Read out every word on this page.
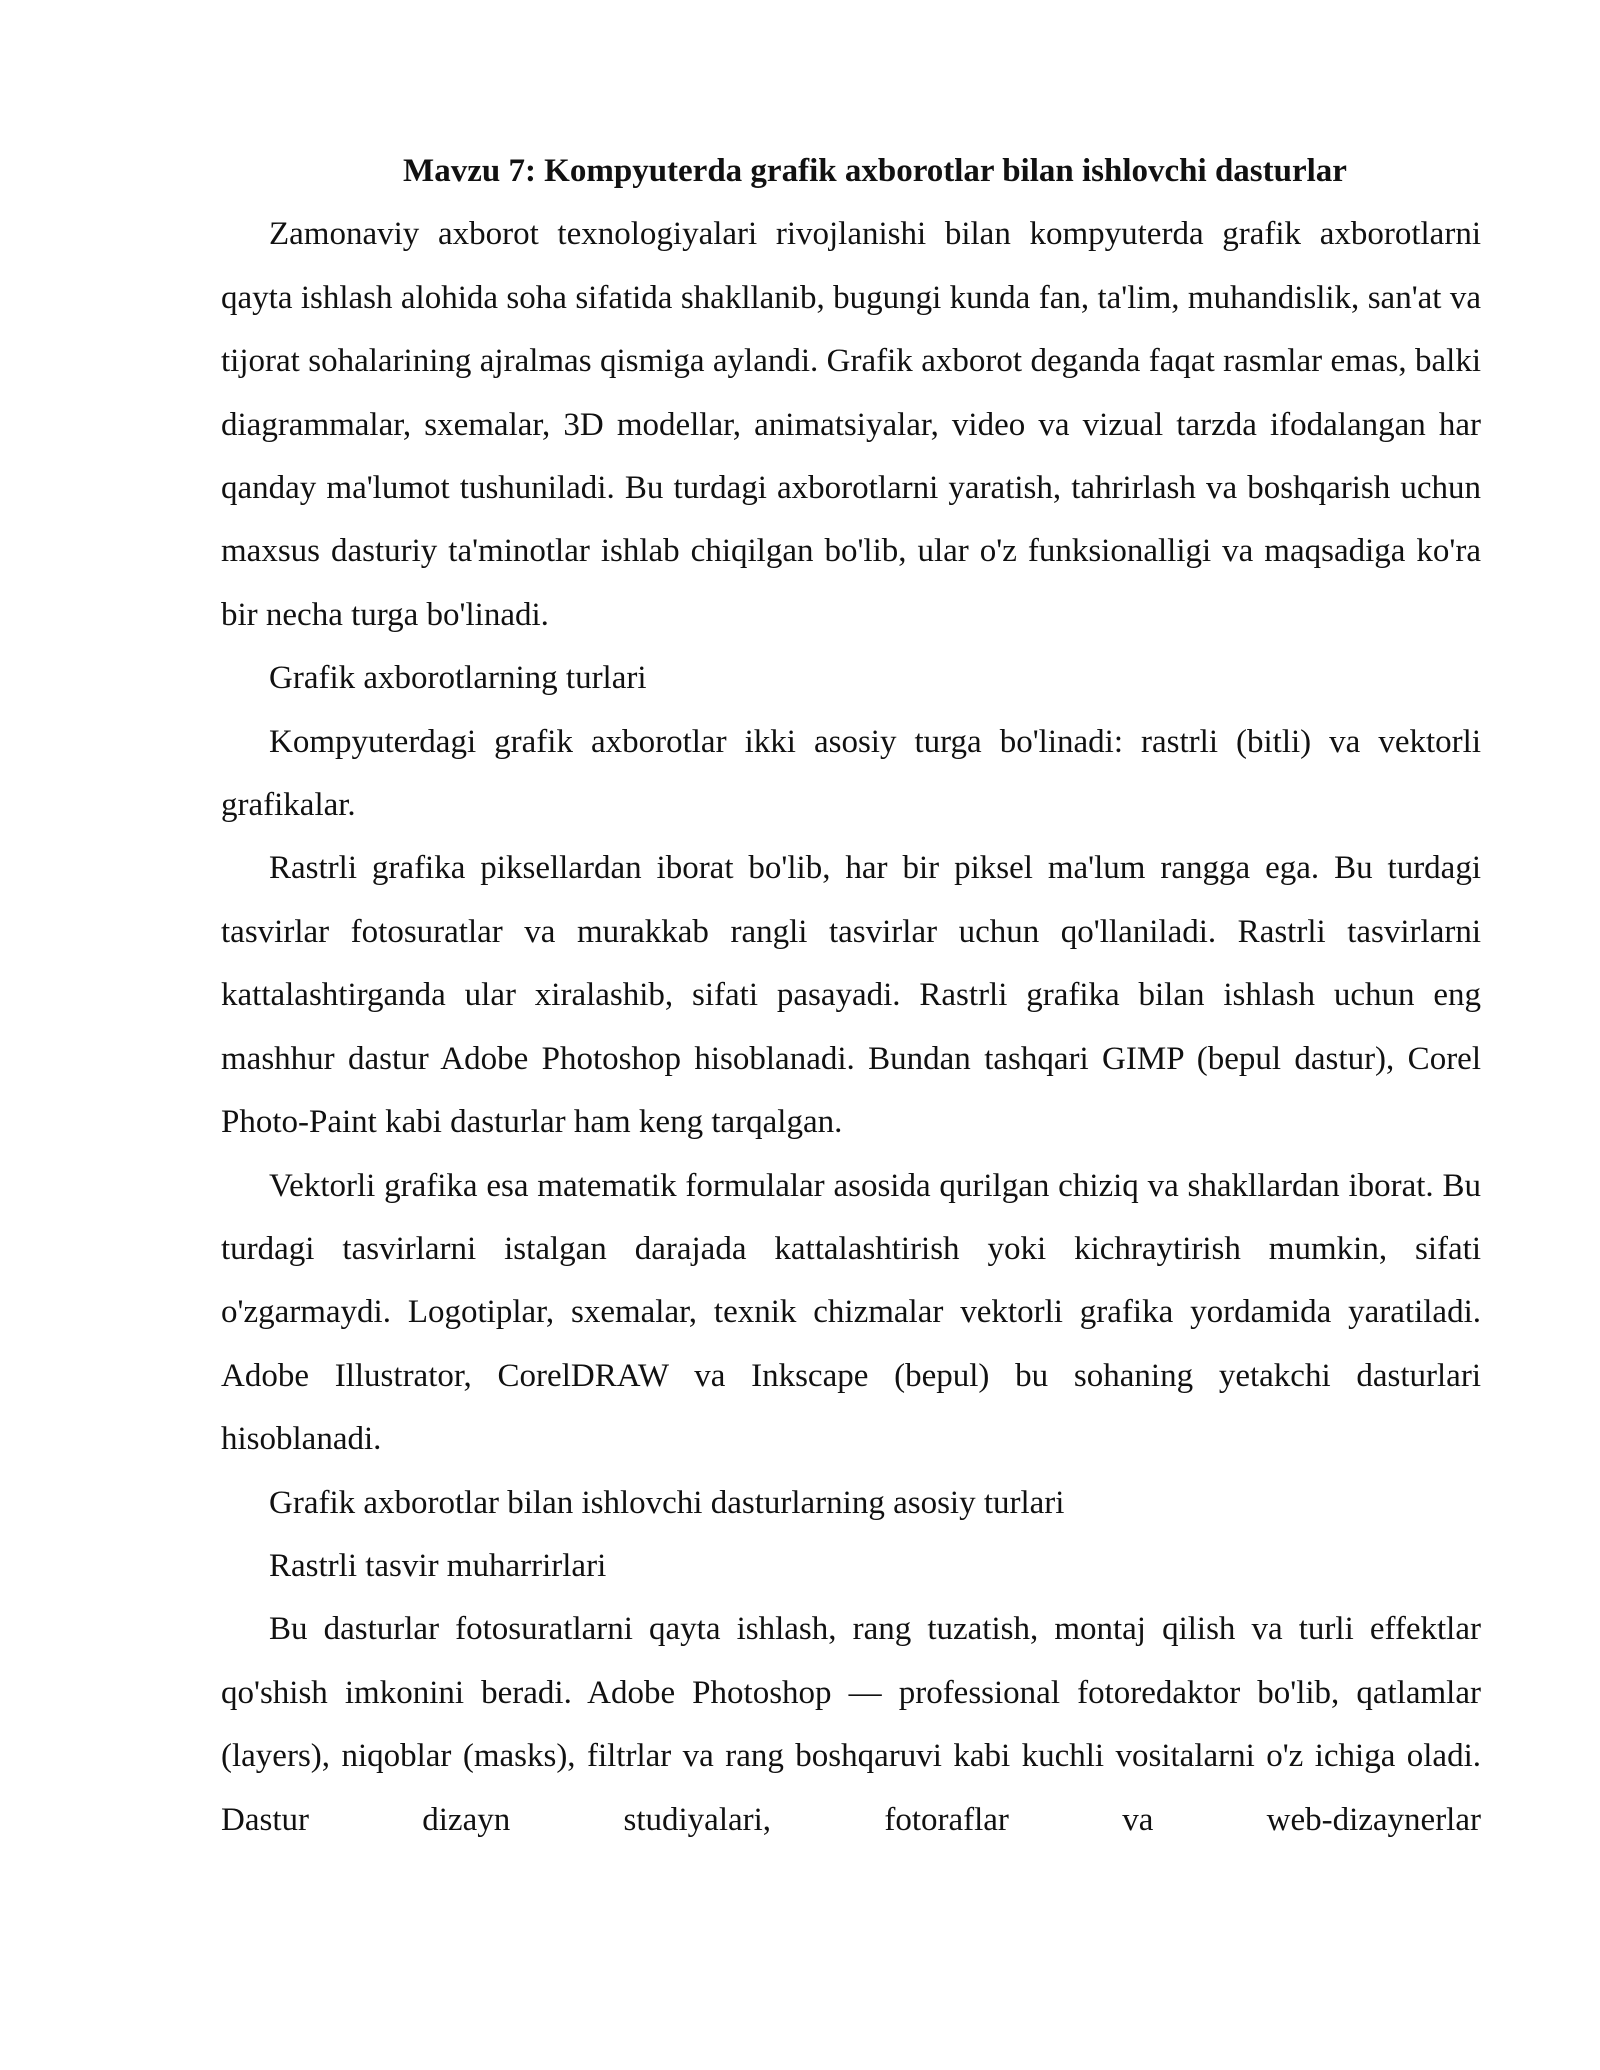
Mavzu 7: Kompyuterda grafik axborotlar bilan ishlovchi dasturlar

Zamonaviy axborot texnologiyalari rivojlanishi bilan kompyuterda grafik axborotlarni qayta ishlash alohida soha sifatida shakllanib, bugungi kunda fan, ta'lim, muhandislik, san'at va tijorat sohalarining ajralmas qismiga aylandi. Grafik axborot deganda faqat rasmlar emas, balki diagrammalar, sxemalar, 3D modellar, animatsiyalar, video va vizual tarzda ifodalangan har qanday ma'lumot tushuniladi. Bu turdagi axborotlarni yaratish, tahrirlash va boshqarish uchun maxsus dasturiy ta'minotlar ishlab chiqilgan bo'lib, ular o'z funksionalligi va maqsadiga ko'ra bir necha turga bo'linadi.

Grafik axborotlarning turlari

Kompyuterdagi grafik axborotlar ikki asosiy turga bo'linadi: rastrli (bitli) va vektorli grafikalar.

Rastrli grafika piksellardan iborat bo'lib, har bir piksel ma'lum rangga ega. Bu turdagi tasvirlar fotosuratlar va murakkab rangli tasvirlar uchun qo'llaniladi. Rastrli tasvirlarni kattalashtirganda ular xiralashib, sifati pasayadi. Rastrli grafika bilan ishlash uchun eng mashhur dastur Adobe Photoshop hisoblanadi. Bundan tashqari GIMP (bepul dastur), Corel Photo-Paint kabi dasturlar ham keng tarqalgan.

Vektorli grafika esa matematik formulalar asosida qurilgan chiziq va shakllardan iborat. Bu turdagi tasvirlarni istalgan darajada kattalashtirish yoki kichraytirish mumkin, sifati o'zgarmaydi. Logotiplar, sxemalar, texnik chizmalar vektorli grafika yordamida yaratiladi. Adobe Illustrator, CorelDRAW va Inkscape (bepul) bu sohaning yetakchi dasturlari hisoblanadi.

Grafik axborotlar bilan ishlovchi dasturlarning asosiy turlari

Rastrli tasvir muharrirlari

Bu dasturlar fotosuratlarni qayta ishlash, rang tuzatish, montaj qilish va turli effektlar qo'shish imkonini beradi. Adobe Photoshop — professional fotoredaktor bo'lib, qatlamlar (layers), niqoblar (masks), filtrlar va rang boshqaruvi kabi kuchli vositalarni o'z ichiga oladi. Dastur dizayn studiyalari, fotoraflar va web-dizaynerlar
